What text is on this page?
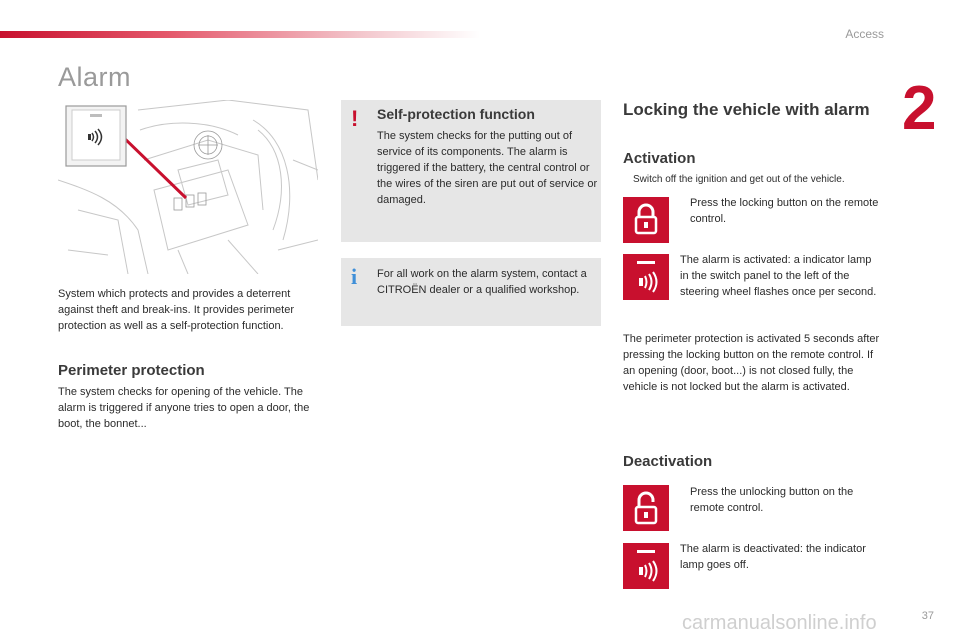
Access
2
Alarm

System which protects and provides a deterrent against theft and break-ins. It provides perimeter protection as well as a self-protection function.

Perimeter protection

The system checks for opening of the vehicle. The alarm is triggered if anyone tries to open a door, the boot, the bonnet...

! Self-protection function

The system checks for the putting out of service of its components. The alarm is triggered if the battery, the central control or the wires of the siren are put out of service or damaged.

i For all work on the alarm system, contact a CITROËN dealer or a qualified workshop.

Locking the vehicle with alarm
Activation
Switch off the ignition and get out of the vehicle.
Press the locking button on the remote control.

The alarm is activated: a indicator lamp in the switch panel to the left of the steering wheel flashes once per second.

The perimeter protection is activated 5 seconds after pressing the locking button on the remote control. If an opening (door, boot...) is not closed fully, the vehicle is not locked but the alarm is activated.

Deactivation
Press the unlocking button on the remote control.

The alarm is deactivated: the indicator lamp goes off.

carmanualsonline.info	37
